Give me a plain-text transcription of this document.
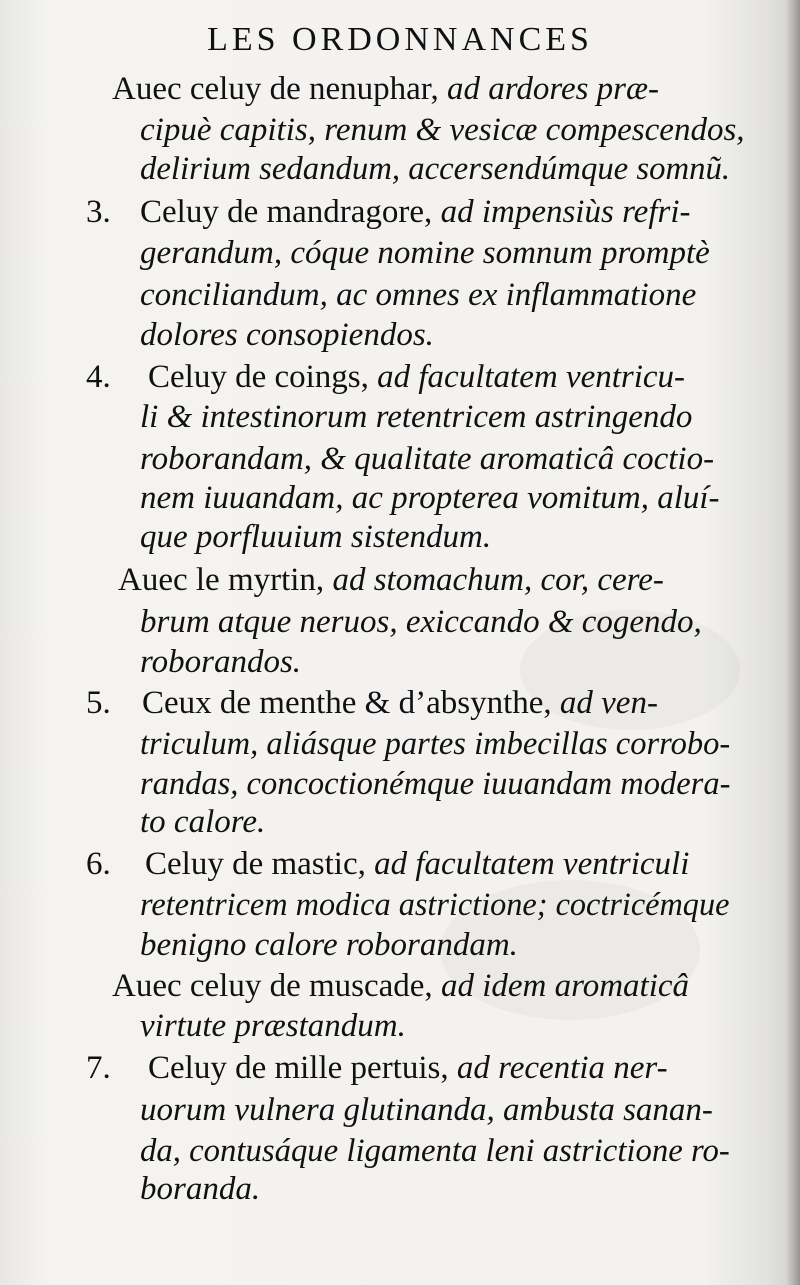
LES ORDONNANCES
Auec celuy de nenuphar, ad ardores præ-
cipuè capitis, renum & vesicæ compescendos,
delirium sedandum, accersendúmque somnũ.
3. Celuy de mandragore, ad impensiùs refri-
gerandum, cóque nomine somnum promptè
conciliandum, ac omnes ex inflammatione
dolores consopiendos.
4. Celuy de coings, ad facultatem ventricu-
li & intestinorum retentricem astringendo
roborandam, & qualitate aromaticâ coctio-
nem iuuandam, ac propterea vomitum, aluí-
que porfluuium sistendum.
Auec le myrtin, ad stomachum, cor, cere-
brum atque neruos, exiccando & cogendo,
roborandos.
5. Ceux de menthe & d’absynthe, ad ven-
triculum, aliásque partes imbecillas corrobo-
randas, concoctionémque iuuandam modera-
to calore.
6. Celuy de mastic, ad facultatem ventriculi
retentricem modica astrictione; coctricémque
benigno calore roborandam.
Auec celuy de muscade, ad idem aromaticâ
virtute præstandum.
7. Celuy de mille pertuis, ad recentia ner-
uorum vulnera glutinanda, ambusta sanan-
da, contusáque ligamenta leni astrictione ro-
boranda.
